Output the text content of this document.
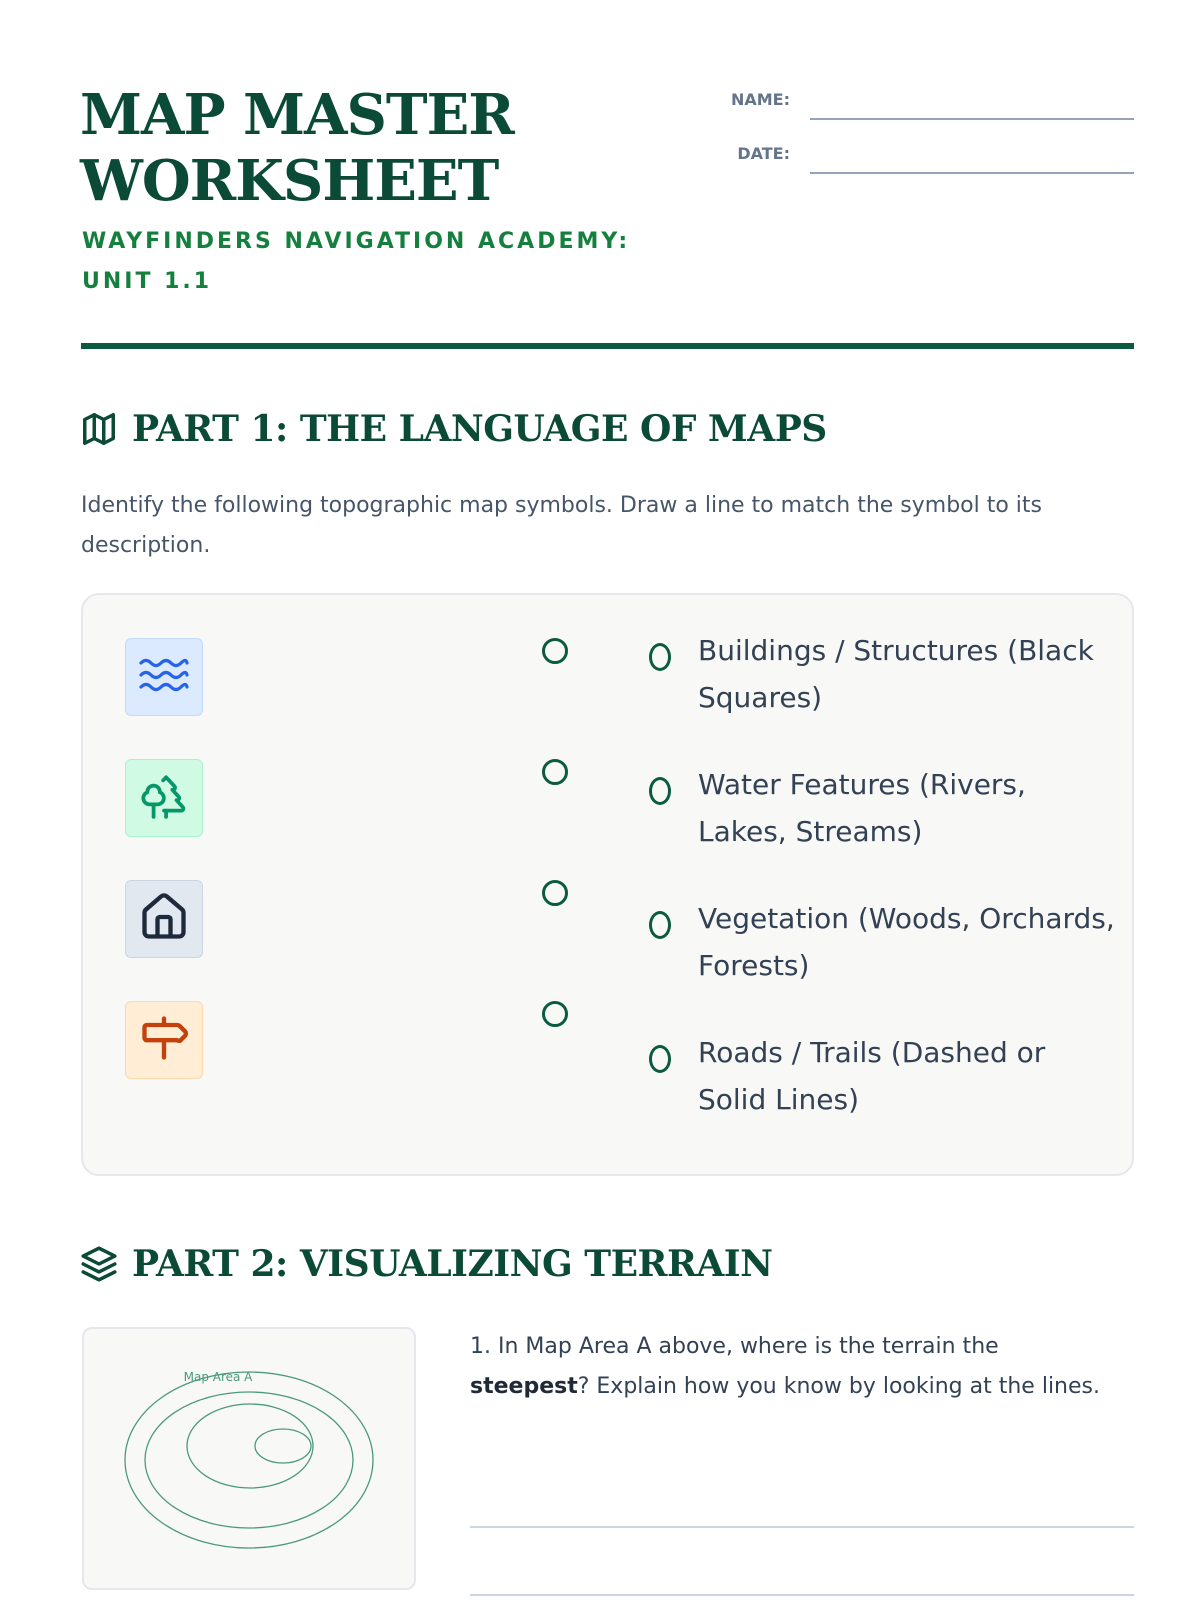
MAP MASTER
WORKSHEET

WAYFINDERS NAVIGATION ACADEMY: UNIT 1.1

NAME:
DATE:
PART 1: THE LANGUAGE OF MAPS

Identify the following topographic map symbols. Draw a line to match the symbol to its description.

Buildings / Structures (Black Squares)

Water Features (Rivers, Lakes, Streams)

Vegetation (Woods, Orchards, Forests)

Roads / Trails (Dashed or Solid Lines)

PART 2: VISUALIZING TERRAIN
Map Area A

1. In Map Area A above, where is the terrain the steepest? Explain how you know by looking at the lines.
